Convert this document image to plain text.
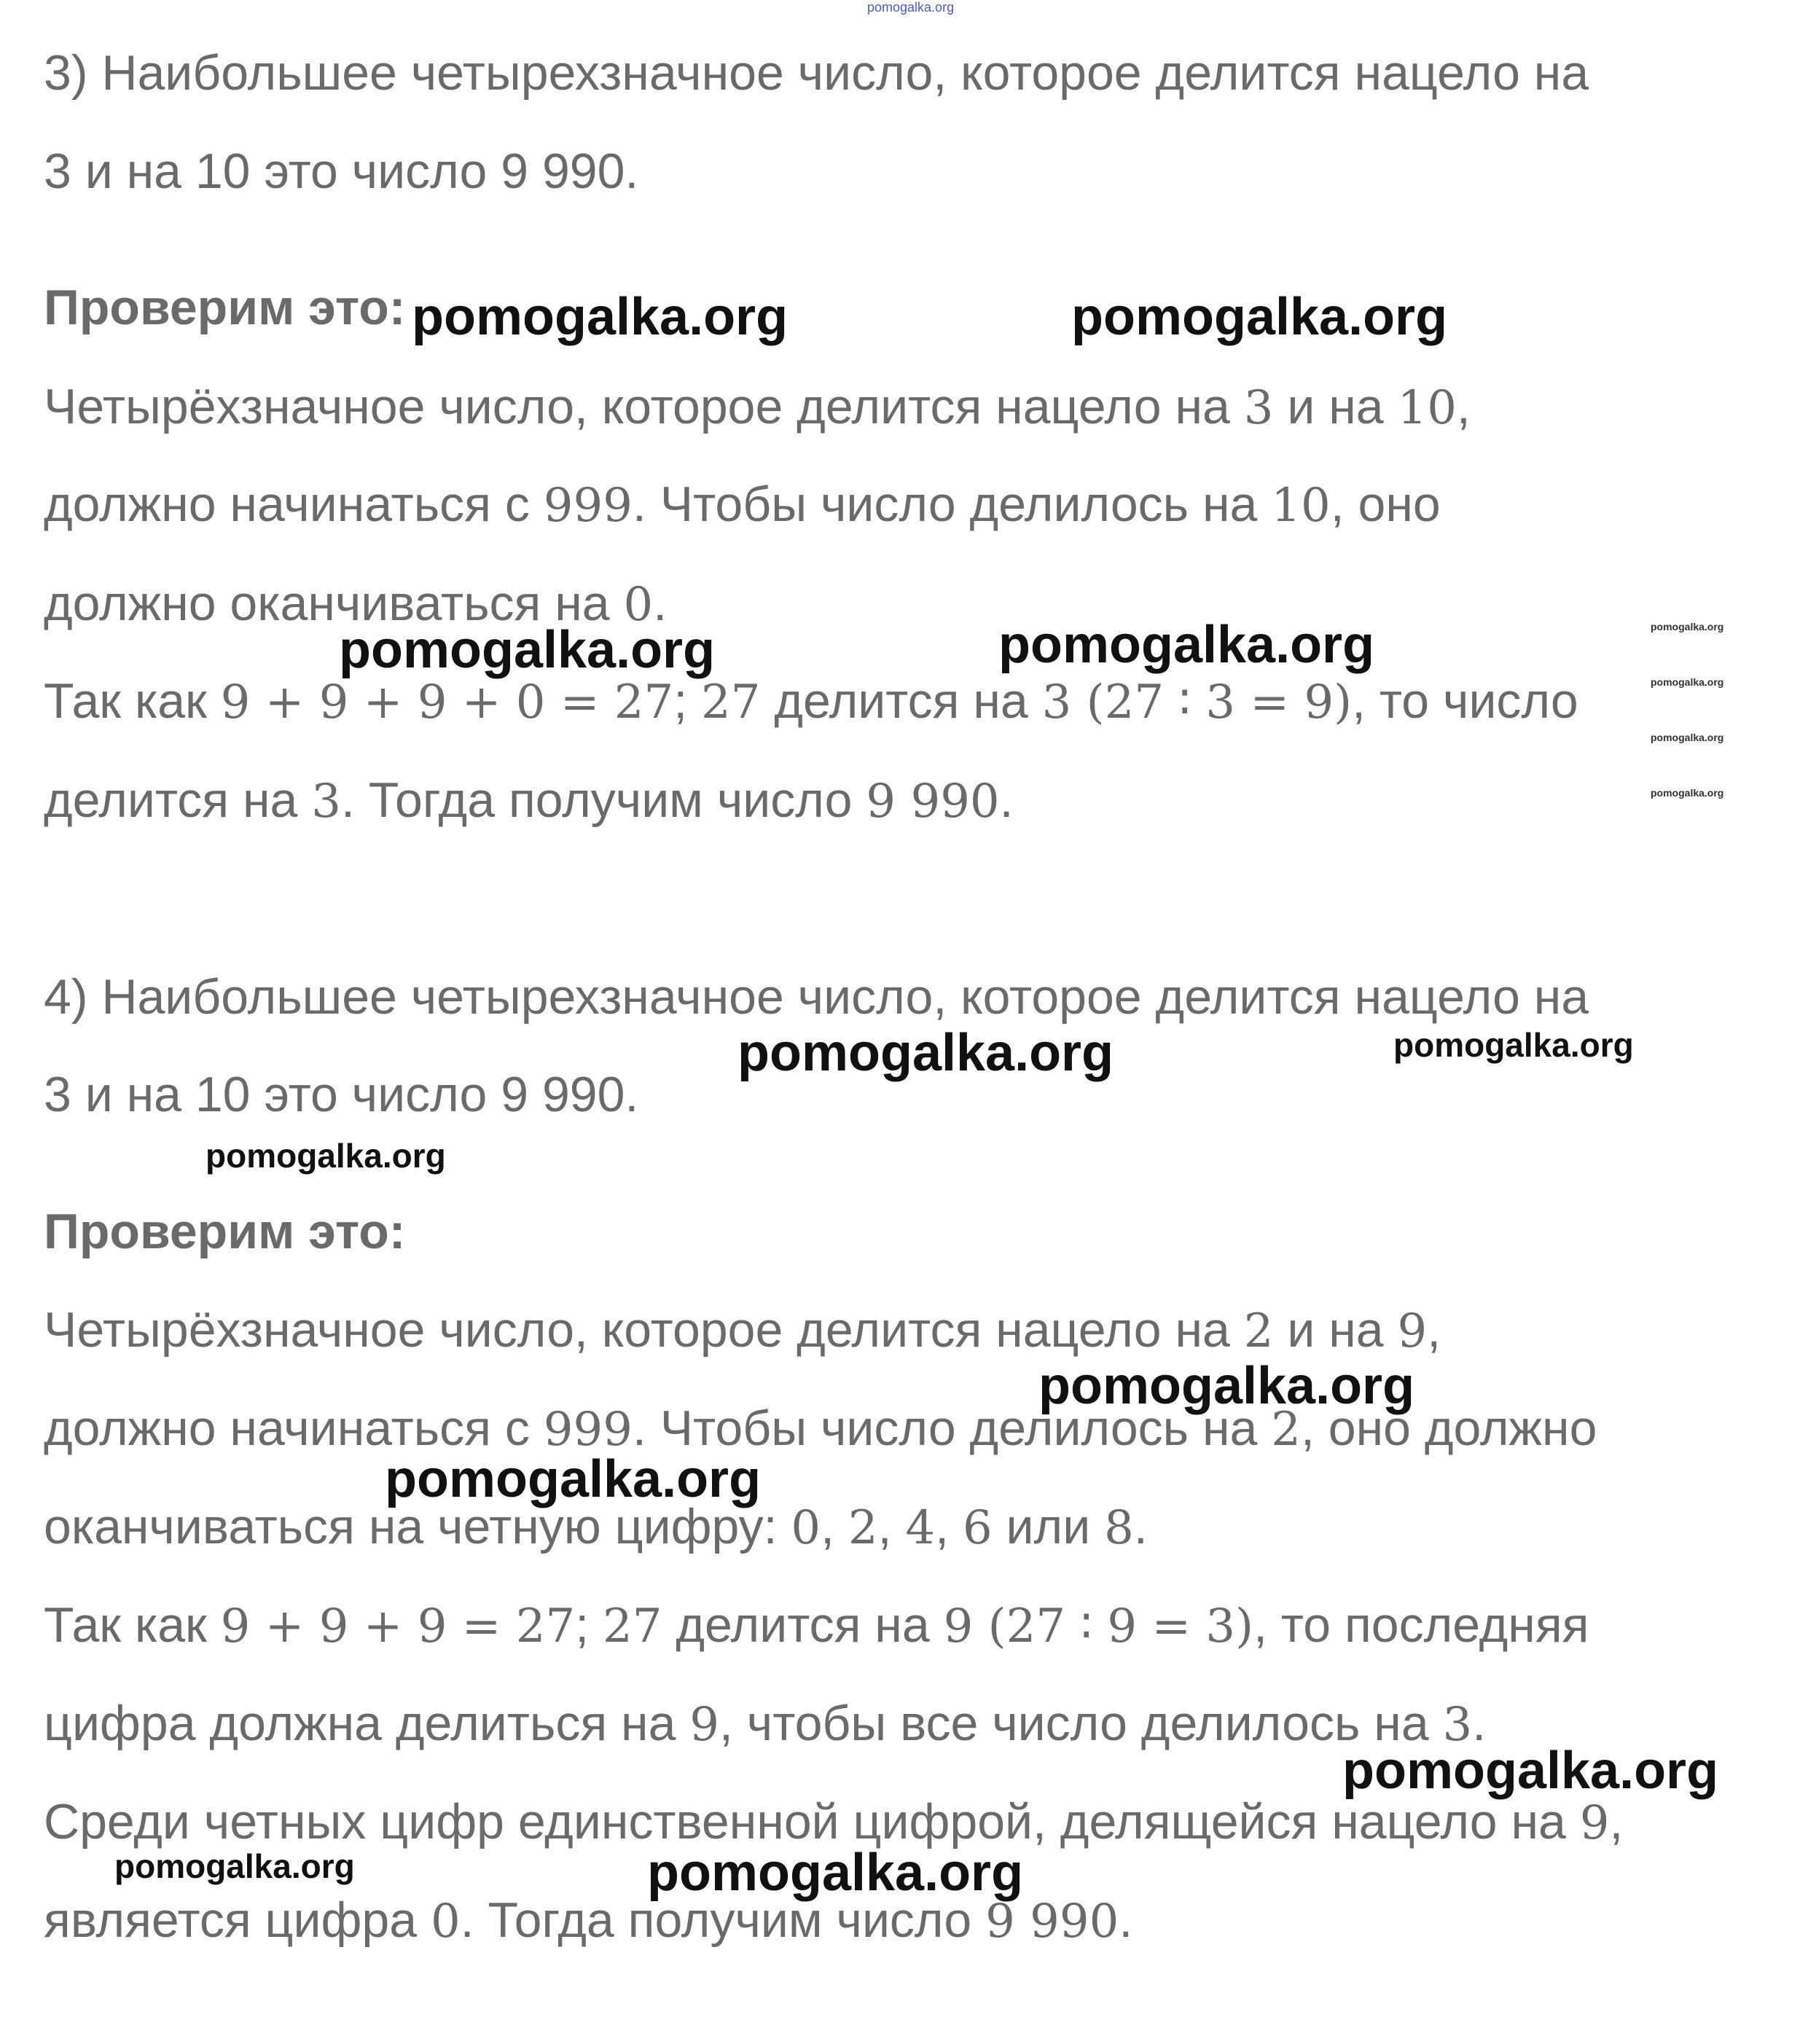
3) Наибольшее четырехзначное число, которое делится нацело на
3 и на 10 это число 9 990.
Проверим это:
Четырёхзначное число, которое делится нацело на 3 и на 10,
должно начинаться с 999. Чтобы число делилось на 10, оно
должно оканчиваться на 0.
Так как 9 + 9 + 9 + 0 = 27; 27 делится на 3 (27 ∶ 3 = 9), то число
делится на 3. Тогда получим число 9 990.
4) Наибольшее четырехзначное число, которое делится нацело на
3 и на 10 это число 9 990.
Проверим это:
Четырёхзначное число, которое делится нацело на 2 и на 9,
должно начинаться с 999. Чтобы число делилось на 2, оно должно
оканчиваться на четную цифру: 0, 2, 4, 6 или 8.
Так как 9 + 9 + 9 = 27; 27 делится на 9 (27 ∶ 9 = 3), то последняя
цифра должна делиться на 9, чтобы все число делилось на 3.
Среди четных цифр единственной цифрой, делящейся нацело на 9,
является цифра 0. Тогда получим число 9 990.
pomogalka.org
pomogalka.org	pomogalka.org
pomogalka.org	pomogalka.org	pomogalka.org
pomogalka.org
pomogalka.org
pomogalka.org
pomogalka.org	pomogalka.org
pomogalka.org
pomogalka.org
pomogalka.org
pomogalka.org
pomogalka.org	pomogalka.org
